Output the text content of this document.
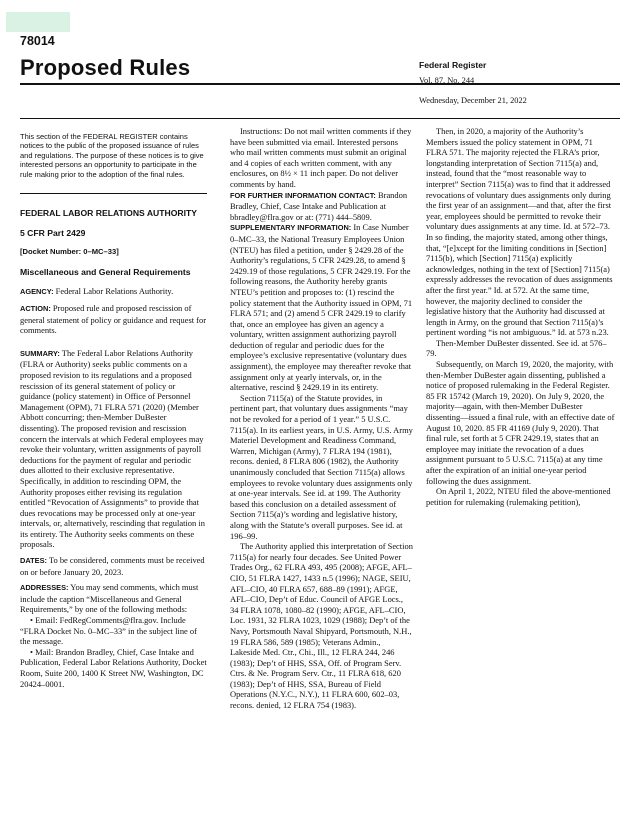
78014
Proposed Rules	Federal Register
Vol. 87, No. 244
Wednesday, December 21, 2022

This section of the FEDERAL REGISTER contains notices to the public of the proposed issuance of rules and regulations. The purpose of these notices is to give interested persons an opportunity to participate in the rule making prior to the adoption of the final rules.

FEDERAL LABOR RELATIONS AUTHORITY

5 CFR Part 2429

[Docket Number: 0–MC–33]

Miscellaneous and General Requirements

AGENCY: Federal Labor Relations Authority.

ACTION: Proposed rule and proposed rescission of general statement of policy or guidance and request for comments.

SUMMARY: The Federal Labor Relations Authority (FLRA or Authority) seeks public comments on a proposed revision to its regulations and a proposed rescission of its general statement of policy or guidance (policy statement) in Office of Personnel Management (OPM), 71 FLRA 571 (2020) (Member Abbott concurring; then-Member DuBester dissenting). The proposed revision and rescission concern the intervals at which Federal employees may revoke their voluntary, written assignments of payroll deductions for the payment of regular and periodic dues allotted to their exclusive representative. Specifically, in addition to rescinding OPM, the Authority proposes either revising its regulation entitled “Revocation of Assignments” to provide that dues revocations may be processed only at one-year intervals, or, alternatively, rescinding that regulation in its entirety. The Authority seeks comments on these proposals.

DATES: To be considered, comments must be received on or before January 20, 2023.

ADDRESSES: You may send comments, which must include the caption “Miscellaneous and General Requirements,” by one of the following methods:

• Email: FedRegComments@flra.gov. Include “FLRA Docket No. 0–MC–33” in the subject line of the message.

• Mail: Brandon Bradley, Chief, Case Intake and Publication, Federal Labor Relations Authority, Docket Room, Suite 200, 1400 K Street NW, Washington, DC 20424–0001.

Instructions: Do not mail written comments if they have been submitted via email. Interested persons who mail written comments must submit an original and 4 copies of each written comment, with any enclosures, on 8½ × 11 inch paper. Do not deliver comments by hand.

FOR FURTHER INFORMATION CONTACT: Brandon Bradley, Chief, Case Intake and Publication at bbradley@flra.gov or at: (771) 444–5809.

SUPPLEMENTARY INFORMATION: In Case Number 0–MC–33, the National Treasury Employees Union (NTEU) has filed a petition, under § 2429.28 of the Authority’s regulations, 5 CFR 2429.28, to amend § 2429.19 of those regulations, 5 CFR 2429.19. For the following reasons, the Authority hereby grants NTEU’s petition and proposes to: (1) rescind the policy statement that the Authority issued in OPM, 71 FLRA 571; and (2) amend 5 CFR 2429.19 to clarify that, once an employee has given an agency a voluntary, written assignment authorizing payroll deduction of regular and periodic dues for the employee’s exclusive representative (voluntary dues assignment), the employee may thereafter revoke that assignment only at yearly intervals, or, in the alternative, rescind § 2429.19 in its entirety.

Section 7115(a) of the Statute provides, in pertinent part, that voluntary dues assignments “may not be revoked for a period of 1 year.” 5 U.S.C. 7115(a). In its earliest years, in U.S. Army, U.S. Army Materiel Development and Readiness Command, Warren, Michigan (Army), 7 FLRA 194 (1981), recons. denied, 8 FLRA 806 (1982), the Authority unanimously concluded that Section 7115(a) allows employees to revoke voluntary dues assignments only at one-year intervals. See id. at 199. The Authority based this conclusion on a detailed assessment of Section 7115(a)’s wording and legislative history, along with the Statute’s overall purposes. See id. at 196–99.

The Authority applied this interpretation of Section 7115(a) for nearly four decades. See United Power Trades Org., 62 FLRA 493, 495 (2008); AFGE, AFL–CIO, 51 FLRA 1427, 1433 n.5 (1996); NAGE, SEIU, AFL–CIO, 40 FLRA 657, 688–89 (1991); AFGE, AFL–CIO, Dep’t of Educ. Council of AFGE Locs., 34 FLRA 1078, 1080–82 (1990); AFGE, AFL–CIO, Loc. 1931, 32 FLRA 1023, 1029 (1988); Dep’t of the Navy, Portsmouth Naval Shipyard, Portsmouth, N.H., 19 FLRA 586, 589 (1985); Veterans Admin., Lakeside Med. Ctr., Chi., Ill., 12 FLRA 244, 246 (1983); Dep’t of HHS, SSA, Off. of Program Serv. Ctrs. & Ne. Program Serv. Ctr., 11 FLRA 618, 620 (1983); Dep’t of HHS, SSA, Bureau of Field Operations (N.Y.C., N.Y.), 11 FLRA 600, 602–03, recons. denied, 12 FLRA 754 (1983).

Then, in 2020, a majority of the Authority’s Members issued the policy statement in OPM, 71 FLRA 571. The majority rejected the FLRA’s prior, longstanding interpretation of Section 7115(a) and, instead, found that the “most reasonable way to interpret” Section 7115(a) was to find that it addressed revocations of voluntary dues assignments only during the first year of an assignment—and that, after the first year, employees should be permitted to revoke their voluntary dues assignments at any time. Id. at 572–73. In so finding, the majority stated, among other things, that, “[e]xcept for the limiting conditions in [Section] 7115(b), which [Section] 7115(a) explicitly acknowledges, nothing in the text of [Section] 7115(a) expressly addresses the revocation of dues assignments after the first year.” Id. at 572. At the same time, however, the majority declined to consider the legislative history that the Authority had discussed at length in Army, on the ground that Section 7115(a)’s pertinent wording “is not ambiguous.” Id. at 573 n.23.

Then-Member DuBester dissented. See id. at 576–79.

Subsequently, on March 19, 2020, the majority, with then-Member DuBester again dissenting, published a notice of proposed rulemaking in the Federal Register. 85 FR 15742 (March 19, 2020). On July 9, 2020, the majority—again, with then-Member DuBester dissenting—issued a final rule, with an effective date of August 10, 2020. 85 FR 41169 (July 9, 2020). That final rule, set forth at 5 CFR 2429.19, states that an employee may initiate the revocation of a dues assignment pursuant to 5 U.S.C. 7115(a) at any time after the expiration of an initial one-year period following the dues assignment.

On April 1, 2022, NTEU filed the above-mentioned petition for rulemaking (rulemaking petition),
